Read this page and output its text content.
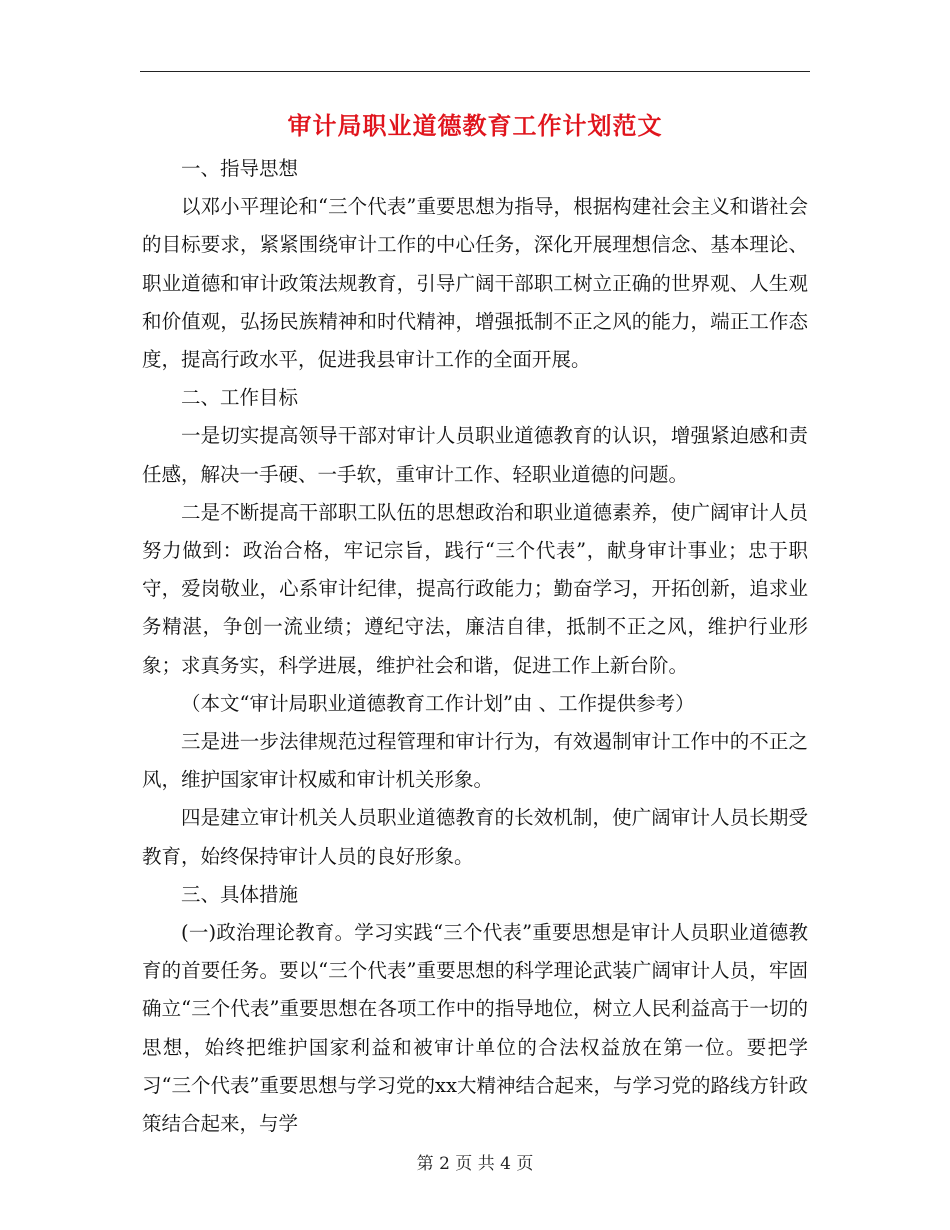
审计局职业道德教育工作计划范文

一、指导思想

以邓小平理论和“三个代表”重要思想为指导，根据构建社会主义和谐社会的目标要求，紧紧围绕审计工作的中心任务，深化开展理想信念、基本理论、职业道德和审计政策法规教育，引导广阔干部职工树立正确的世界观、人生观和价值观，弘扬民族精神和时代精神，增强抵制不正之风的能力，端正工作态度，提高行政水平，促进我县审计工作的全面开展。

二、工作目标

一是切实提高领导干部对审计人员职业道德教育的认识，增强紧迫感和责任感，解决一手硬、一手软，重审计工作、轻职业道德的问题。

二是不断提高干部职工队伍的思想政治和职业道德素养，使广阔审计人员努力做到：政治合格，牢记宗旨，践行“三个代表”，献身审计事业；忠于职守，爱岗敬业，心系审计纪律，提高行政能力；勤奋学习，开拓创新，追求业务精湛，争创一流业绩；遵纪守法，廉洁自律，抵制不正之风，维护行业形象；求真务实，科学进展，维护社会和谐，促进工作上新台阶。

（本文“审计局职业道德教育工作计划”由 、工作提供参考）

三是进一步法律规范过程管理和审计行为，有效遏制审计工作中的不正之风，维护国家审计权威和审计机关形象。

四是建立审计机关人员职业道德教育的长效机制，使广阔审计人员长期受教育，始终保持审计人员的良好形象。

三、具体措施

(一)政治理论教育。学习实践“三个代表”重要思想是审计人员职业道德教育的首要任务。要以“三个代表”重要思想的科学理论武装广阔审计人员，牢固确立“三个代表”重要思想在各项工作中的指导地位，树立人民利益高于一切的思想，始终把维护国家利益和被审计单位的合法权益放在第一位。要把学习“三个代表”重要思想与学习党的xx大精神结合起来，与学习党的路线方针政策结合起来，与学

第 2 页 共 4 页
